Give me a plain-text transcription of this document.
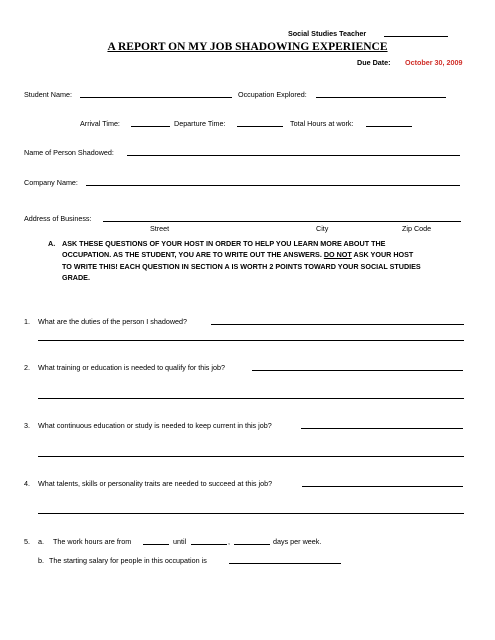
Social Studies Teacher
A REPORT ON MY JOB SHADOWING EXPERIENCE
Due Date: October 30, 2009
Student Name:	Occupation Explored:
Arrival Time:	Departure Time:	Total Hours at work:
Name of Person Shadowed:
Company Name:
Address of Business:
Street	City	Zip Code
A. ASK THESE QUESTIONS OF YOUR HOST IN ORDER TO HELP YOU LEARN MORE ABOUT THE
OCCUPATION. AS THE STUDENT, YOU ARE TO WRITE OUT THE ANSWERS. DO NOT ASK YOUR HOST
TO WRITE THIS! EACH QUESTION IN SECTION A IS WORTH 2 POINTS TOWARD YOUR SOCIAL STUDIES
GRADE.
1. What are the duties of the person I shadowed?
2. What training or education is needed to qualify for this job?
3. What continuous education or study is needed to keep current in this job?
4. What talents, skills or personality traits are needed to succeed at this job?
5. a. The work hours are from	until	,	days per week.
b. The starting salary for people in this occupation is
